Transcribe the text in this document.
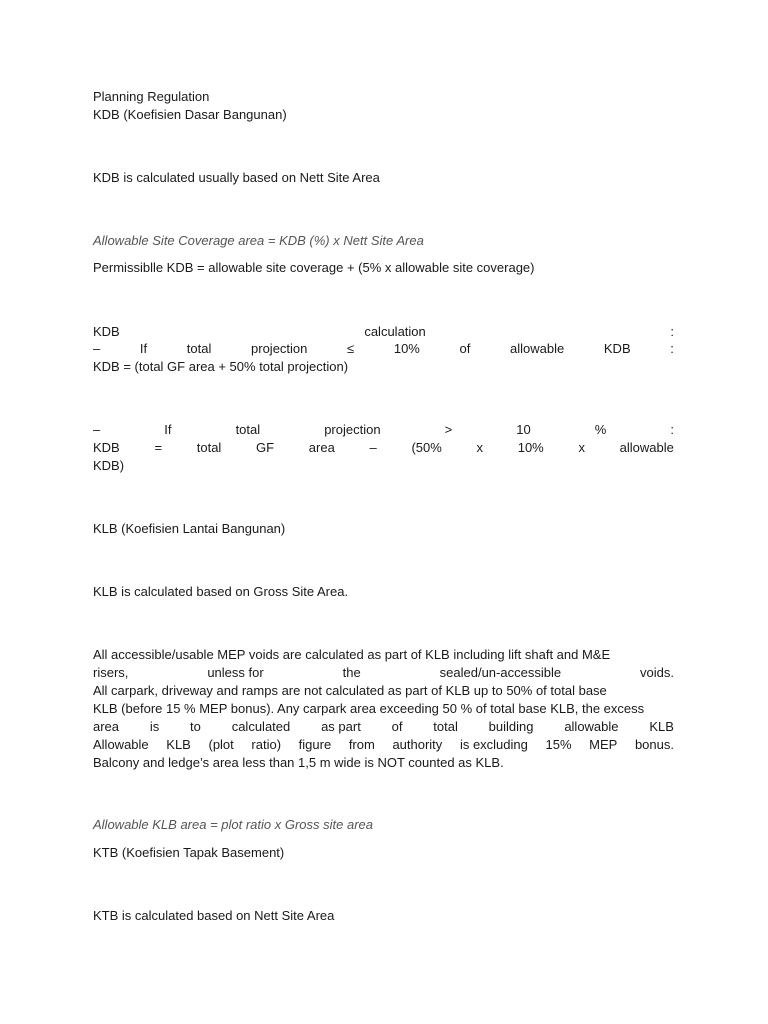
Planning Regulation
KDB (Koefisien Dasar Bangunan)
KDB is calculated usually based on Nett Site Area
Allowable Site Coverage area = KDB (%) x Nett Site Area
Permissiblle KDB = allowable site coverage + (5% x allowable site coverage)
KDB	calculation	:
–	If	total	projection	≤	10%	of	allowable	KDB	:
KDB = (total GF area + 50% total projection)
–	If	total	projection	>	10	%	:
KDB	=	total	GF	area	–	(50%	x	10%	x	allowable
KDB)
KLB (Koefisien Lantai Bangunan)
KLB is calculated based on Gross Site Area.
All accessible/usable MEP voids are calculated as part of KLB including lift shaft and M&E
risers,	unless for	the	sealed/un-accessible	voids.
All carpark, driveway and ramps are not calculated as part of KLB up to 50% of total base
KLB (before 15 % MEP bonus). Any carpark area exceeding 50 % of total base KLB, the excess
area is to calculated as part of total building allowable KLB
Allowable KLB (plot ratio) figure from authority is excluding 15% MEP bonus.
Balcony and ledge’s area less than 1,5 m wide is NOT counted as KLB.
Allowable KLB area = plot ratio x Gross site area
KTB (Koefisien Tapak Basement)
KTB is calculated based on Nett Site Area
